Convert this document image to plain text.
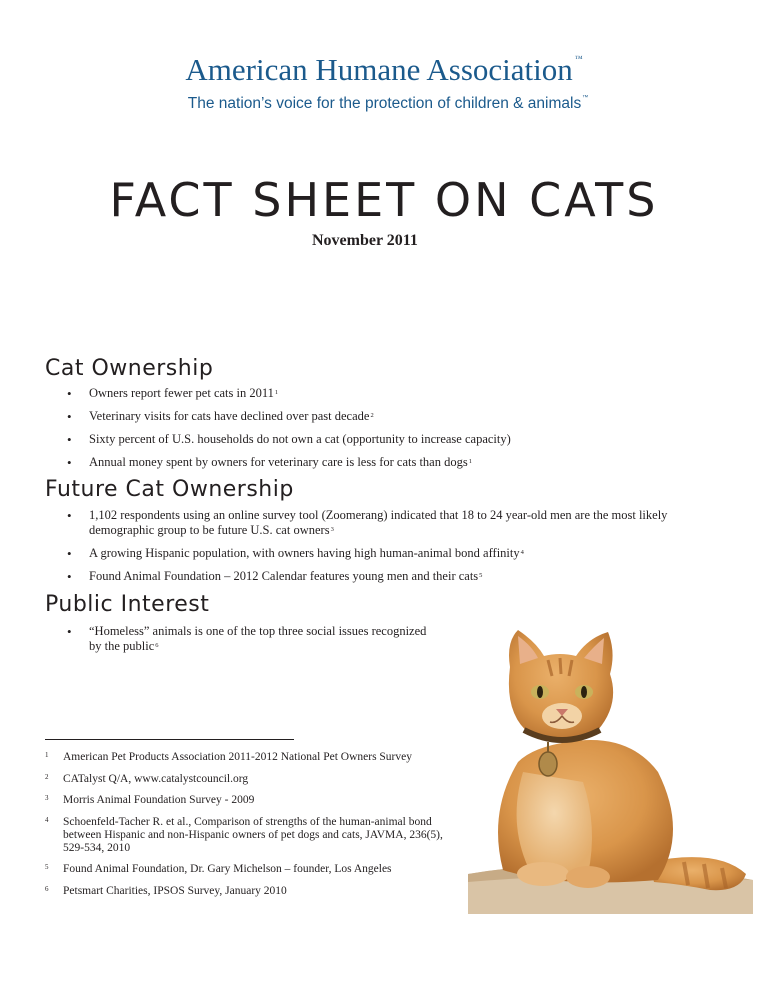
American Humane Association ™
The nation’s voice for the protection of children & animals™
FACT SHEET ON CATS
November 2011
Cat Ownership
• Owners report fewer pet cats in 2011$^1$
• Veterinary visits for cats have declined over past decade$^2$
• Sixty percent of U.S. households do not own a cat (opportunity to increase capacity)
• Annual money spent by owners for veterinary care is less for cats than dogs$^1$
Future Cat Ownership
• 1,102 respondents using an online survey tool (Zoomerang) indicated that 18 to 24 year-old men are the most likely demographic group to be future U.S. cat owners$^3$
• A growing Hispanic population, with owners having high human-animal bond affinity$^4$
• Found Animal Foundation – 2012 Calendar features young men and their cats$^5$
Public Interest
• “Homeless” animals is one of the top three social issues recognized by the public$^6$
1 American Pet Products Association 2011-2012 National Pet Owners Survey
2 CATalyst Q/A, www.catalystcouncil.org
3 Morris Animal Foundation Survey - 2009
4 Schoenfeld-Tacher R. et al., Comparison of strengths of the human-animal bond between Hispanic and non-Hispanic owners of pet dogs and cats, JAVMA, 236(5), 529-534, 2010
5 Found Animal Foundation, Dr. Gary Michelson – founder, Los Angeles
6 Petsmart Charities, IPSOS Survey, January 2010
